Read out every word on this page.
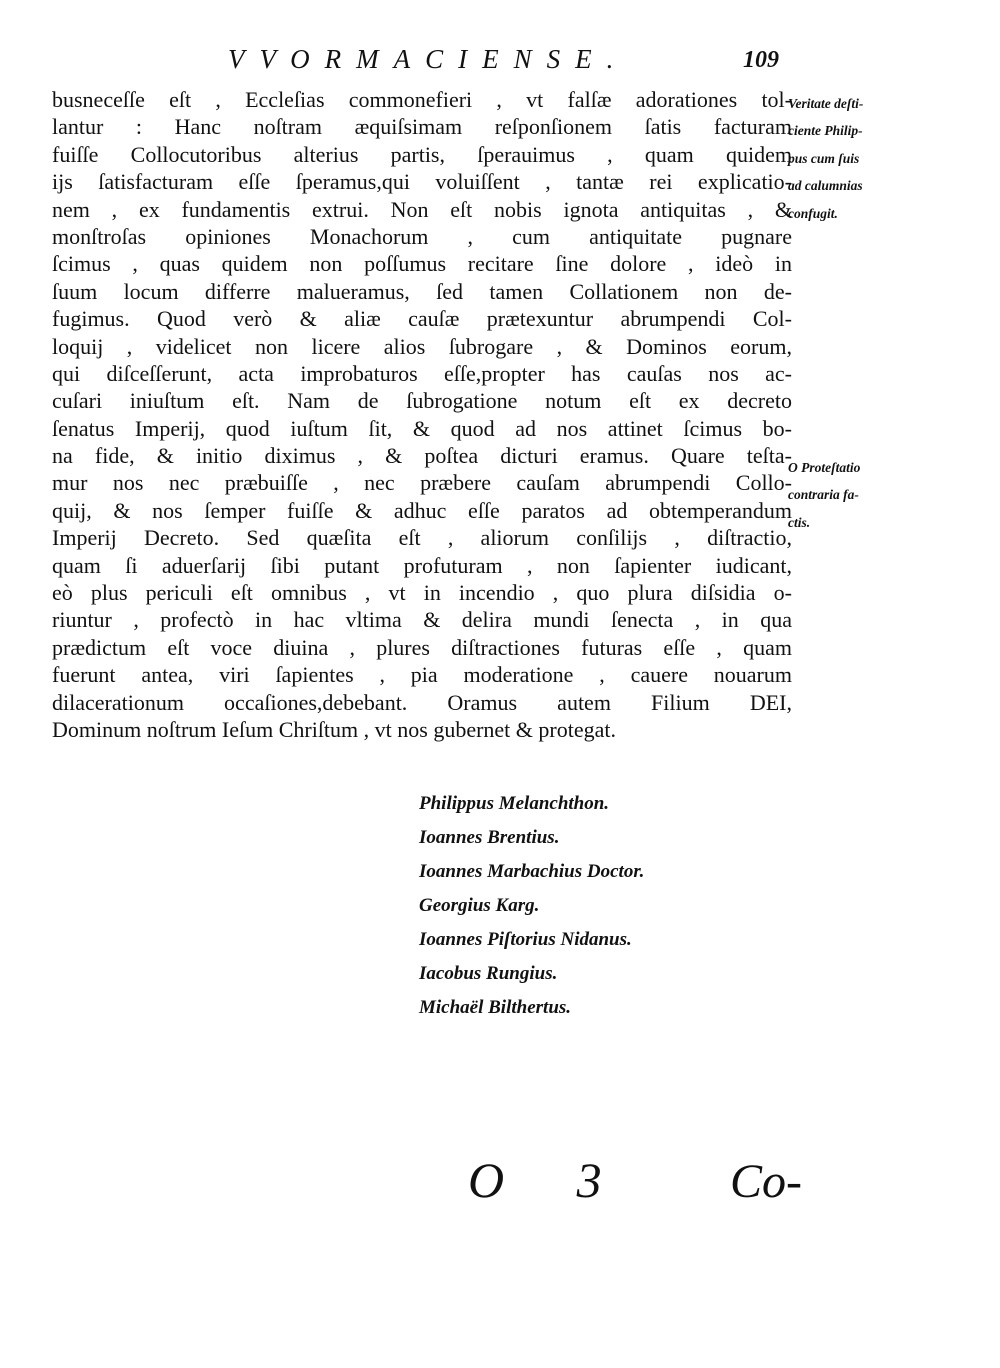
VVORMACIENSE.	109
busneceſſe eſt , Eccleſias commonefieri , vt falſæ adorationes tol-
lantur : Hanc noſtram æquiſsimam reſponſionem ſatis facturam
fuiſſe Collocutoribus alterius partis, ſperauimus , quam quidem
ijs ſatisfacturam eſſe ſperamus,qui voluiſſent , tantæ rei explicatio-
nem , ex fundamentis extrui. Non eſt nobis ignota antiquitas , &
monſtroſas opiniones Monachorum , cum antiquitate pugnare
ſcimus , quas quidem non poſſumus recitare ſine dolore , ideò in
ſuum locum differre malueramus, ſed tamen Collationem non de-
fugimus. Quod verò & aliæ cauſæ prætexuntur abrumpendi Col-
loquij , videlicet non licere alios ſubrogare , & Dominos eorum,
qui diſceſſerunt, acta improbaturos eſſe,propter has cauſas nos ac-
cuſari iniuſtum eſt. Nam de ſubrogatione notum eſt ex decreto
ſenatus Imperij, quod iuſtum ſit, & quod ad nos attinet ſcimus bo-
na fide, & initio diximus , & poſtea dicturi eramus. Quare teſta-
mur nos nec præbuiſſe , nec præbere cauſam abrumpendi Collo-
quij, & nos ſemper fuiſſe & adhuc eſſe paratos ad obtemperandum
Imperij Decreto. Sed quæſita eſt , aliorum conſilijs , diſtractio,
quam ſi aduerſarij ſibi putant profuturam , non ſapienter iudicant,
eò plus periculi eſt omnibus , vt in incendio , quo plura diſsidia o-
riuntur , profectò in hac vltima & delira mundi ſenecta , in qua
prædictum eſt voce diuina , plures diſtractiones futuras eſſe , quam
fuerunt antea, viri ſapientes , pia moderatione , cauere nouarum
dilacerationum occaſiones,debebant. Oramus autem Filium DEI,
Dominum noſtrum Ieſum Chriſtum , vt nos gubernet & protegat.
Veritate deſti-
ciente Philip-
pus cum ſuis
ad calumnias
confugit.
O Proteſtatio
contraria fa-
ctis.
Philippus Melanchthon.
Ioannes Brentius.
Ioannes Marbachius Doctor.
Georgius Karg.
Ioannes Piſtorius Nidanus.
Iacobus Rungius.
Michaël Bilthertus.
O 3 Co-
